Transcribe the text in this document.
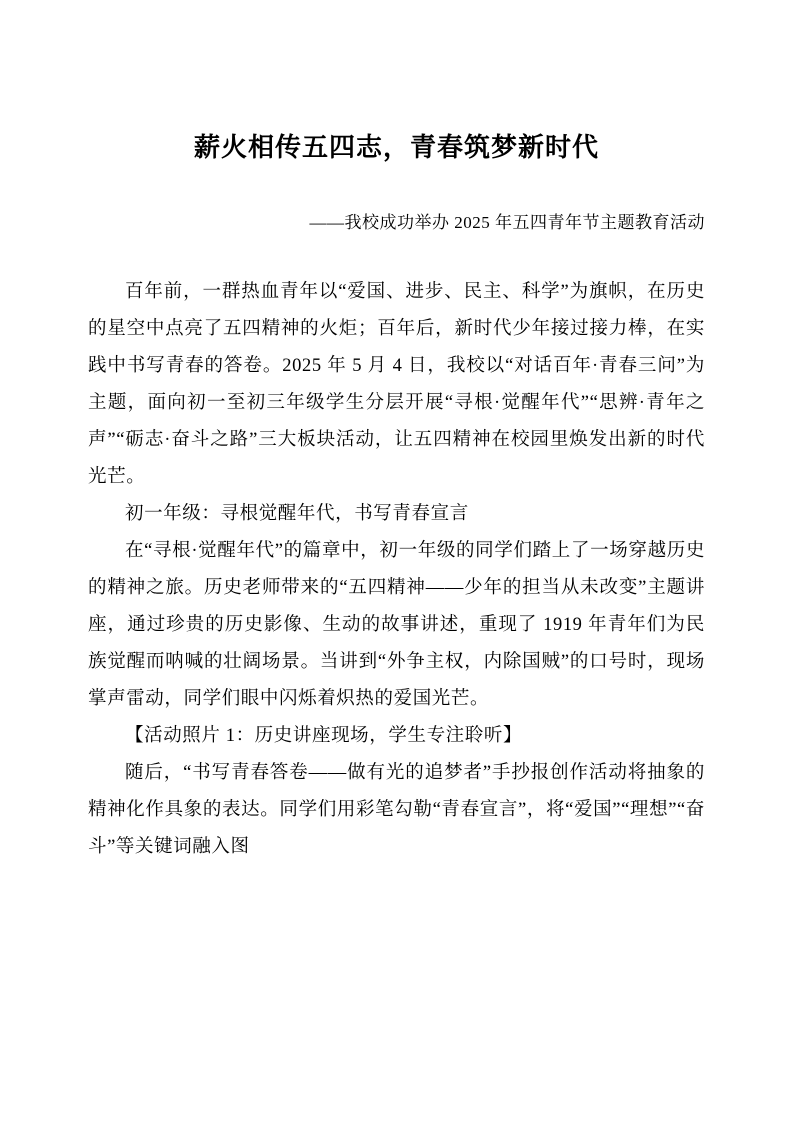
薪火相传五四志，青春筑梦新时代
——我校成功举办 2025 年五四青年节主题教育活动

百年前，一群热血青年以“爱国、进步、民主、科学”为旗帜，在历史的星空中点亮了五四精神的火炬；百年后，新时代少年接过接力棒，在实践中书写青春的答卷。2025 年 5 月 4 日，我校以“对话百年·青春三问”为主题，面向初一至初三年级学生分层开展“寻根·觉醒年代”“思辨·青年之声”“砺志·奋斗之路”三大板块活动，让五四精神在校园里焕发出新的时代光芒。

初一年级：寻根觉醒年代，书写青春宣言

在“寻根·觉醒年代”的篇章中，初一年级的同学们踏上了一场穿越历史的精神之旅。历史老师带来的“五四精神——少年的担当从未改变”主题讲座，通过珍贵的历史影像、生动的故事讲述，重现了 1919 年青年们为民族觉醒而呐喊的壮阔场景。当讲到“外争主权，内除国贼”的口号时，现场掌声雷动，同学们眼中闪烁着炽热的爱国光芒。

【活动照片 1：历史讲座现场，学生专注聆听】

随后，“书写青春答卷——做有光的追梦者”手抄报创作活动将抽象的精神化作具象的表达。同学们用彩笔勾勒“青春宣言”，将“爱国”“理想”“奋斗”等关键词融入图
